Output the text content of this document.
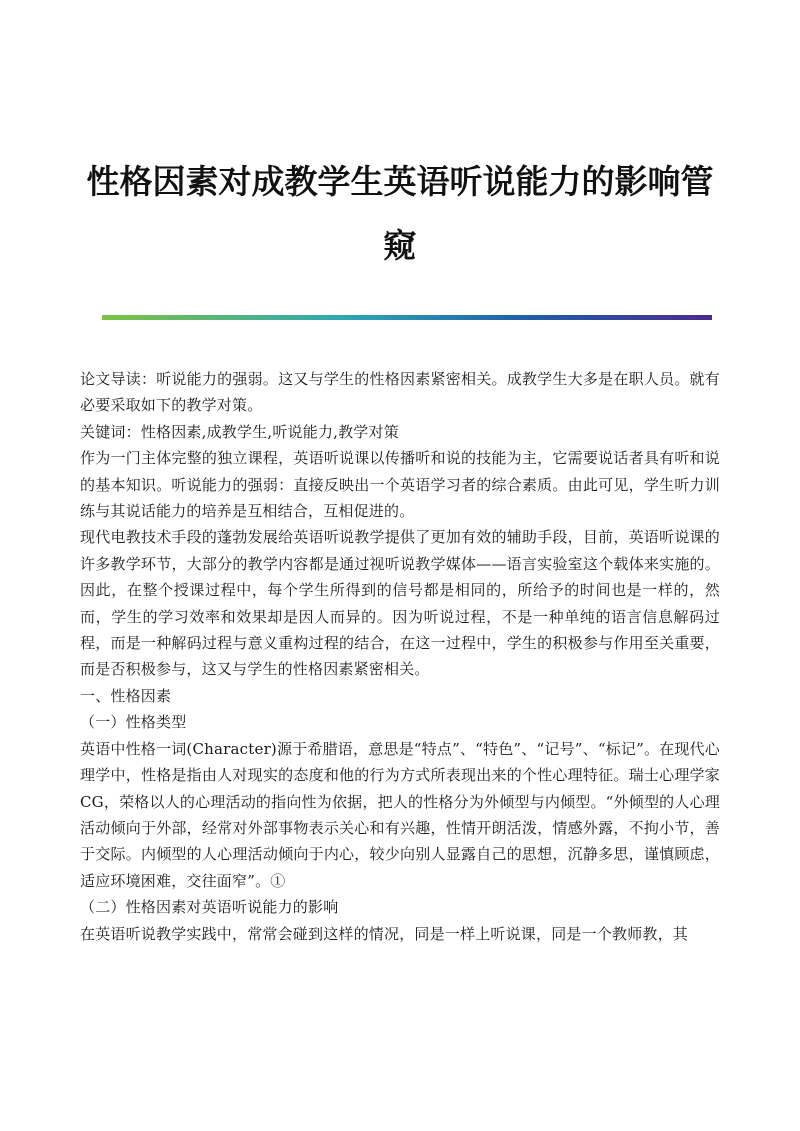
性格因素对成教学生英语听说能力的影响管窥

论文导读：听说能力的强弱。这又与学生的性格因素紧密相关。成教学生大多是在职人员。就有必要采取如下的教学对策。

关键词：性格因素,成教学生,听说能力,教学对策

作为一门主体完整的独立课程，英语听说课以传播听和说的技能为主，它需要说话者具有听和说的基本知识。听说能力的强弱：直接反映出一个英语学习者的综合素质。由此可见，学生听力训练与其说话能力的培养是互相结合，互相促进的。

现代电教技术手段的蓬勃发展给英语听说教学提供了更加有效的辅助手段，目前，英语听说课的许多教学环节，大部分的教学内容都是通过视听说教学媒体——语言实验室这个载体来实施的。因此，在整个授课过程中，每个学生所得到的信号都是相同的，所给予的时间也是一样的，然而，学生的学习效率和效果却是因人而异的。因为听说过程，不是一种单纯的语言信息解码过程，而是一种解码过程与意义重构过程的结合，在这一过程中，学生的积极参与作用至关重要，而是否积极参与，这又与学生的性格因素紧密相关。

一、性格因素

（一）性格类型

英语中性格一词(Character)源于希腊语，意思是“特点”、“特色”、“记号”、“标记”。在现代心理学中，性格是指由人对现实的态度和他的行为方式所表现出来的个性心理特征。瑞士心理学家CG，荣格以人的心理活动的指向性为依据，把人的性格分为外倾型与内倾型。“外倾型的人心理活动倾向于外部，经常对外部事物表示关心和有兴趣，性情开朗活泼，情感外露，不拘小节，善于交际。内倾型的人心理活动倾向于内心，较少向别人显露自己的思想，沉静多思，谨慎顾虑，适应环境困难，交往面窄”。①

（二）性格因素对英语听说能力的影响

在英语听说教学实践中，常常会碰到这样的情况，同是一样上听说课，同是一个教师教，其
